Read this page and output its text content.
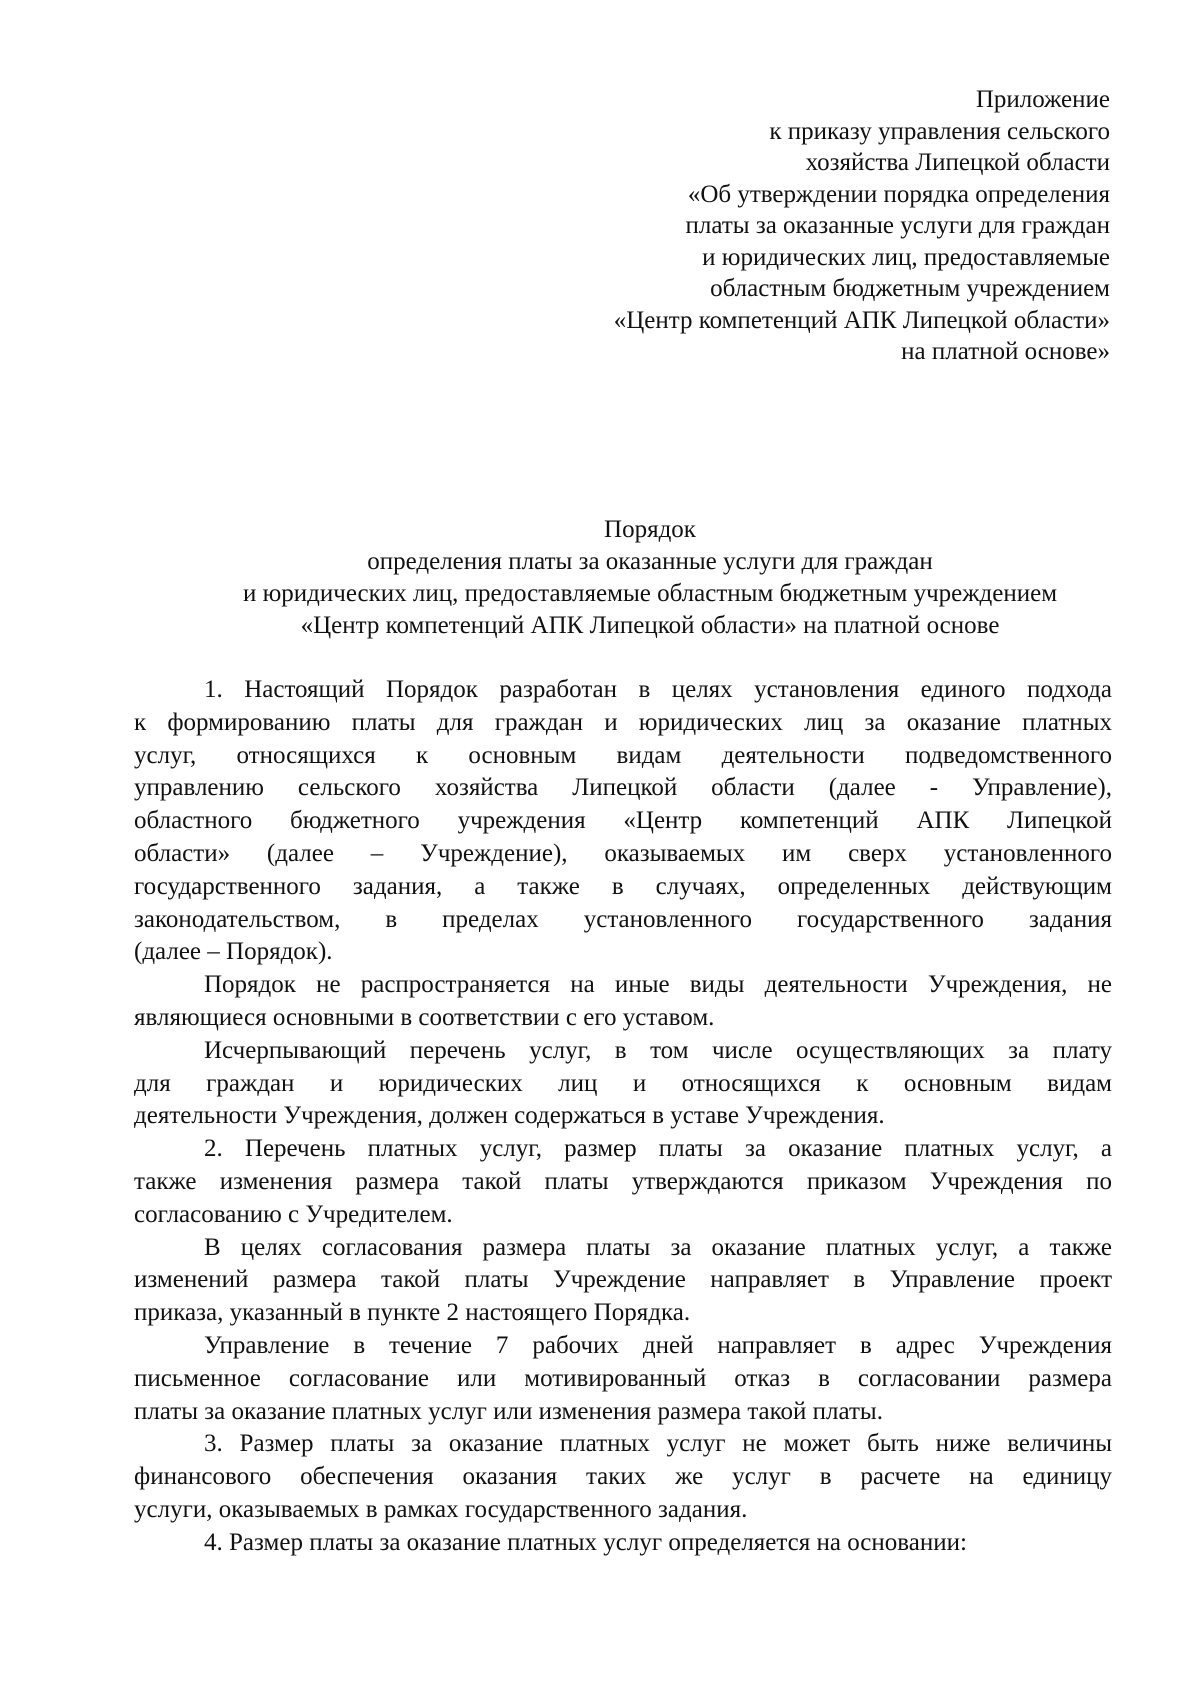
Приложение
к приказу управления сельского
хозяйства Липецкой области
«Об утверждении порядка определения
платы за оказанные услуги для граждан
и юридических лиц, предоставляемые
областным бюджетным учреждением
«Центр компетенций АПК Липецкой области»
на платной основе»
Порядок
определения платы за оказанные услуги для граждан
и юридических лиц, предоставляемые областным бюджетным учреждением
«Центр компетенций АПК Липецкой области» на платной основе
1. Настоящий Порядок разработан в целях установления единого подхода
к формированию платы для граждан и юридических лиц за оказание платных
услуг, относящихся к основным видам деятельности подведомственного
управлению сельского хозяйства Липецкой области (далее - Управление),
областного бюджетного учреждения «Центр компетенций АПК Липецкой
области» (далее – Учреждение), оказываемых им сверх установленного
государственного задания, а также в случаях, определенных действующим
законодательством, в пределах установленного государственного задания
(далее – Порядок).
Порядок не распространяется на иные виды деятельности Учреждения, не
являющиеся основными в соответствии с его уставом.
Исчерпывающий перечень услуг, в том числе осуществляющих за плату
для граждан и юридических лиц и относящихся к основным видам
деятельности Учреждения, должен содержаться в уставе Учреждения.
2. Перечень платных услуг, размер платы за оказание платных услуг, а
также изменения размера такой платы утверждаются приказом Учреждения по
согласованию с Учредителем.
В целях согласования размера платы за оказание платных услуг, а также
изменений размера такой платы Учреждение направляет в Управление проект
приказа, указанный в пункте 2 настоящего Порядка.
Управление в течение 7 рабочих дней направляет в адрес Учреждения
письменное согласование или мотивированный отказ в согласовании размера
платы за оказание платных услуг или изменения размера такой платы.
3. Размер платы за оказание платных услуг не может быть ниже величины
финансового обеспечения оказания таких же услуг в расчете на единицу
услуги, оказываемых в рамках государственного задания.
4. Размер платы за оказание платных услуг определяется на основании:
